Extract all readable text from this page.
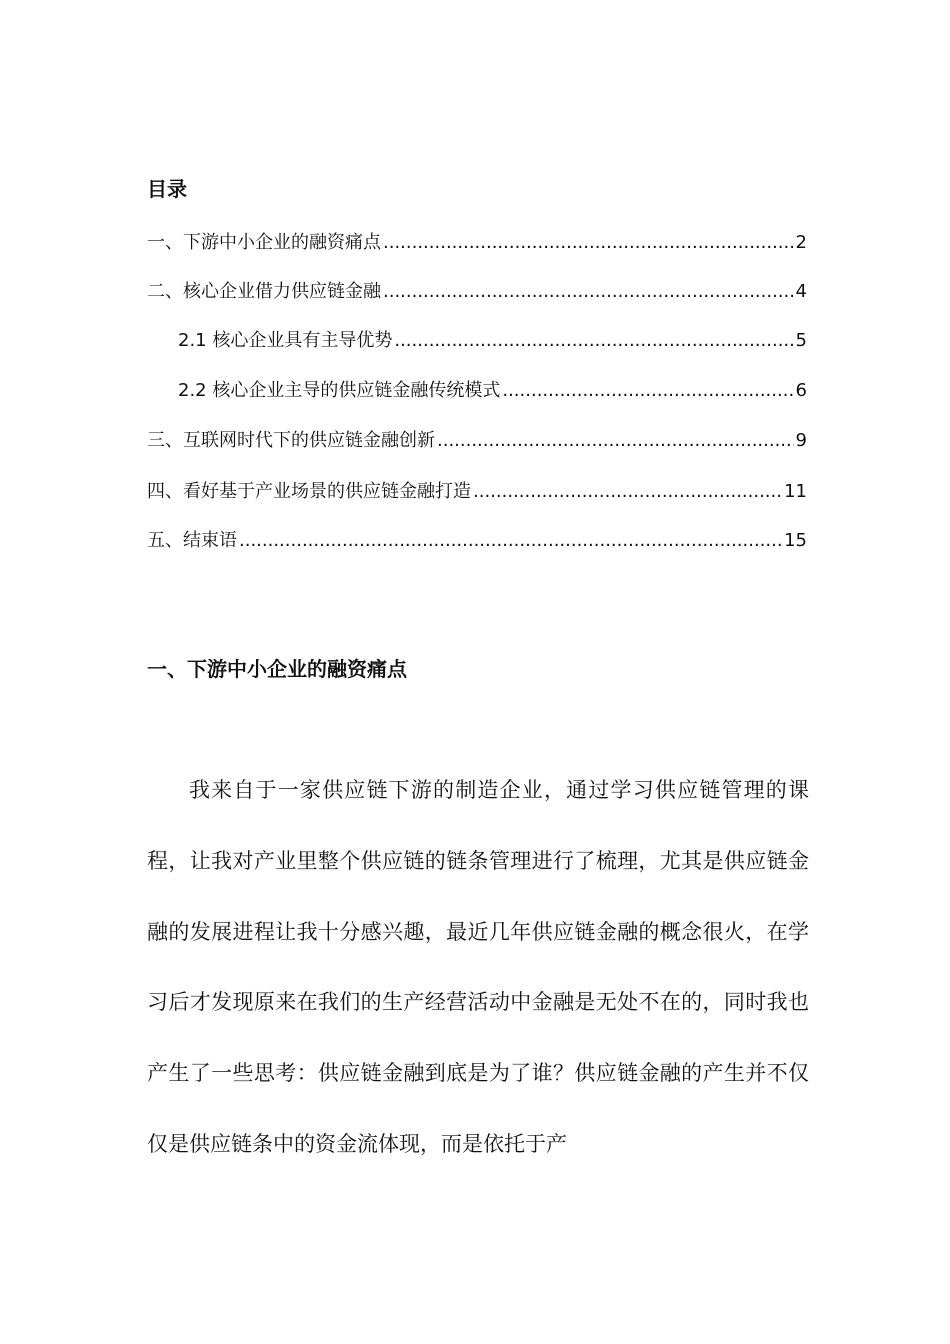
目录
一、下游中小企业的融资痛点 .....	2
二、核心企业借力供应链金融 .....	4
2.1 核心企业具有主导优势 .....	5
2.2 核心企业主导的供应链金融传统模式 .....	6
三、互联网时代下的供应链金融创新 .....	9
四、看好基于产业场景的供应链金融打造 .....	11
五、结束语 .....	15
一、下游中小企业的融资痛点

我来自于一家供应链下游的制造企业，通过学习供应链管理的课程，让我对产业里整个供应链的链条管理进行了梳理，尤其是供应链金融的发展进程让我十分感兴趣，最近几年供应链金融的概念很火，在学习后才发现原来在我们的生产经营活动中金融是无处不在的，同时我也产生了一些思考：供应链金融到底是为了谁？供应链金融的产生并不仅仅是供应链条中的资金流体现，而是依托于产
